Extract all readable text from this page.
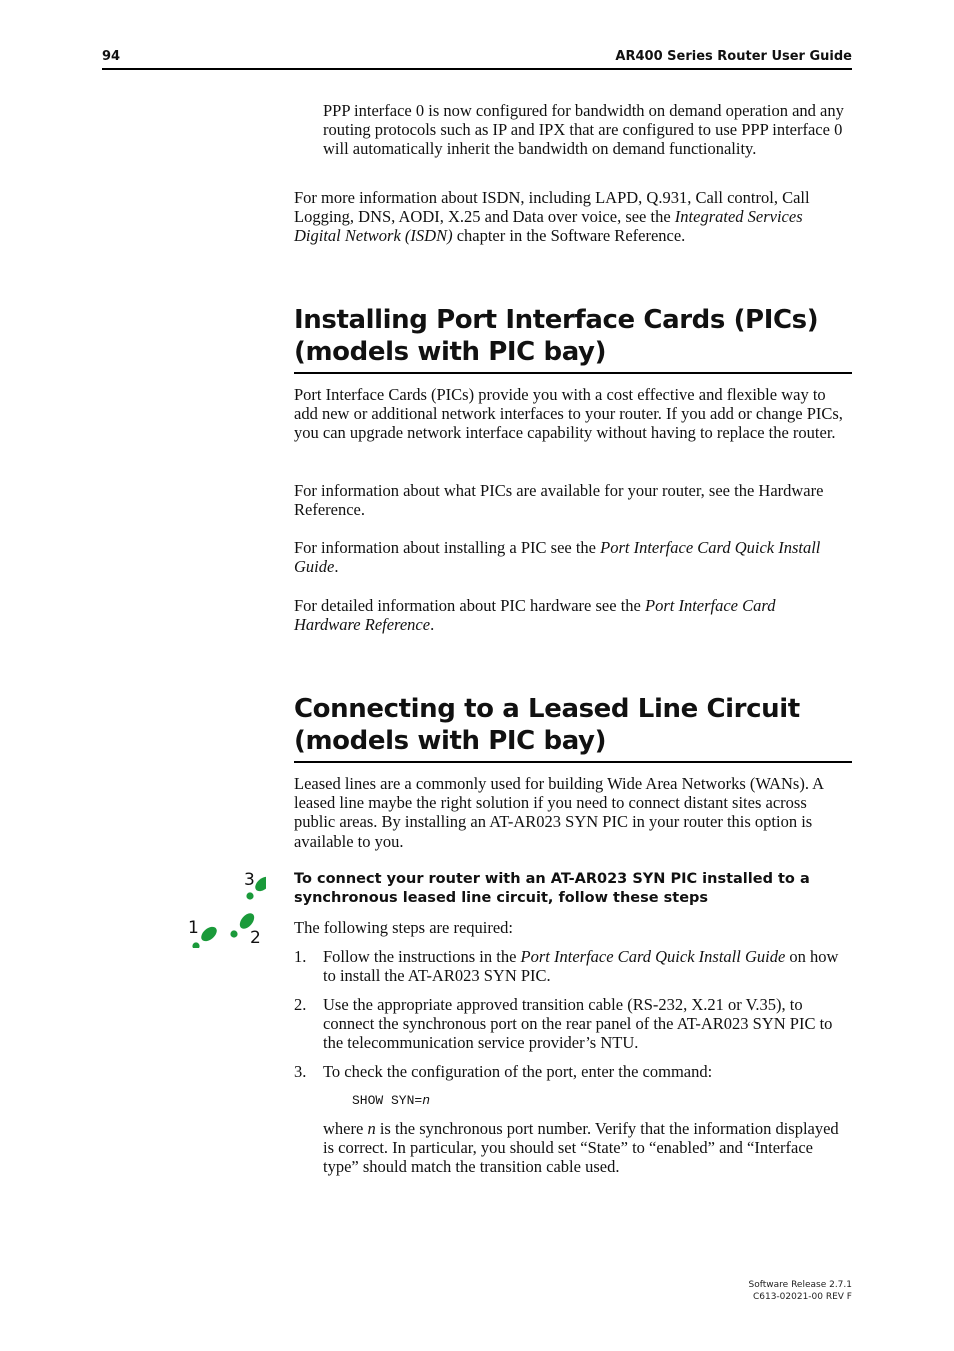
94	AR400 Series Router User Guide

PPP interface 0 is now configured for bandwidth on demand operation and any routing protocols such as IP and IPX that are configured to use PPP interface 0 will automatically inherit the bandwidth on demand functionality.

For more information about ISDN, including LAPD, Q.931, Call control, Call Logging, DNS, AODI, X.25 and Data over voice, see the Integrated Services Digital Network (ISDN) chapter in the Software Reference.

Installing Port Interface Cards (PICs) (models with PIC bay)

Port Interface Cards (PICs) provide you with a cost effective and flexible way to add new or additional network interfaces to your router. If you add or change PICs, you can upgrade network interface capability without having to replace the router.

For information about what PICs are available for your router, see the Hardware Reference.

For information about installing a PIC see the Port Interface Card Quick Install Guide.

For detailed information about PIC hardware see the Port Interface Card Hardware Reference.

Connecting to a Leased Line Circuit (models with PIC bay)

Leased lines are a commonly used for building Wide Area Networks (WANs). A leased line maybe the right solution if you need to connect distant sites across public areas. By installing an AT-AR023 SYN PIC in your router this option is available to you.

3
1	2

To connect your router with an AT-AR023 SYN PIC installed to a synchronous leased line circuit, follow these steps

The following steps are required:

1. Follow the instructions in the Port Interface Card Quick Install Guide on how to install the AT-AR023 SYN PIC.

2. Use the appropriate approved transition cable (RS-232, X.21 or V.35), to connect the synchronous port on the rear panel of the AT-AR023 SYN PIC to the telecommunication service provider’s NTU.

3. To check the configuration of the port, enter the command:

SHOW SYN=n

where n is the synchronous port number. Verify that the information displayed is correct. In particular, you should set “State” to “enabled” and “Interface type” should match the transition cable used.

Software Release 2.7.1
C613-02021-00 REV F
